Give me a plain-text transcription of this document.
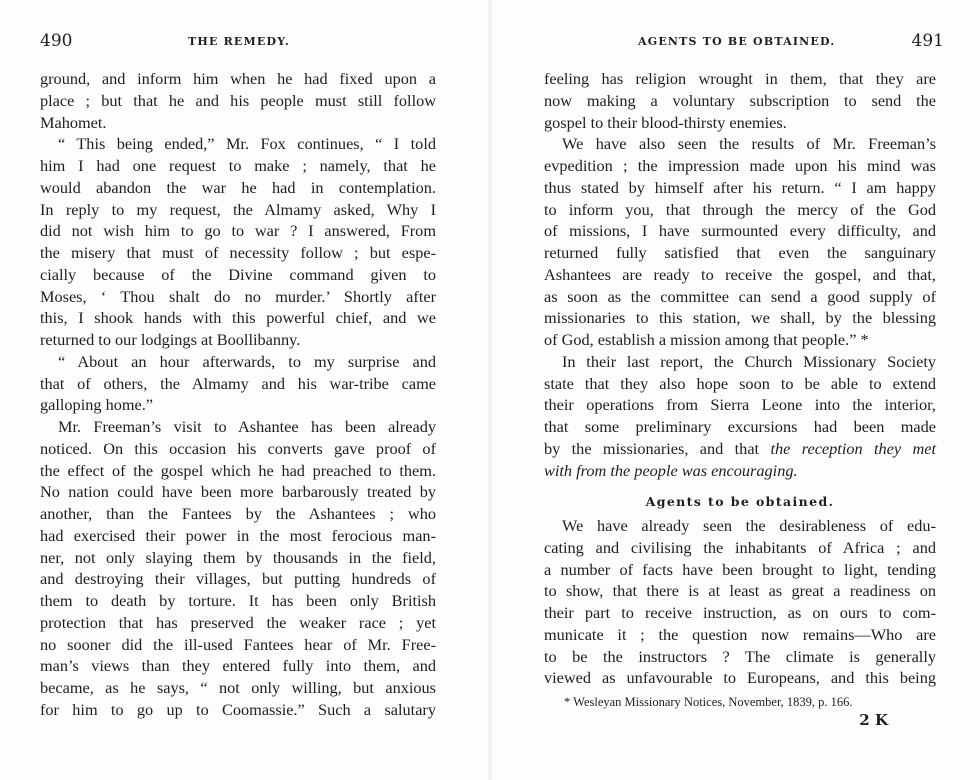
490	THE REMEDY.
ground, and inform him when he had fixed upon a
place ; but that he and his people must still follow
Mahomet.
“ This being ended,” Mr. Fox continues, “ I told
him I had one request to make ; namely, that he
would abandon the war he had in contemplation.
In reply to my request, the Almamy asked, Why I
did not wish him to go to war ? I answered, From
the misery that must of necessity follow ; but espe-
cially because of the Divine command given to
Moses, ‘ Thou shalt do no murder.’ Shortly after
this, I shook hands with this powerful chief, and we
returned to our lodgings at Boollibanny.
“ About an hour afterwards, to my surprise and
that of others, the Almamy and his war-tribe came
galloping home.”
Mr. Freeman’s visit to Ashantee has been already
noticed. On this occasion his converts gave proof of
the effect of the gospel which he had preached to them.
No nation could have been more barbarously treated by
another, than the Fantees by the Ashantees ; who
had exercised their power in the most ferocious man-
ner, not only slaying them by thousands in the field,
and destroying their villages, but putting hundreds of
them to death by torture. It has been only British
protection that has preserved the weaker race ; yet
no sooner did the ill-used Fantees hear of Mr. Free-
man’s views than they entered fully into them, and
became, as he says, “ not only willing, but anxious
for him to go up to Coomassie.” Such a salutary
AGENTS TO BE OBTAINED.	491
feeling has religion wrought in them, that they are
now making a voluntary subscription to send the
gospel to their blood-thirsty enemies.
We have also seen the results of Mr. Freeman’s
evpedition ; the impression made upon his mind was
thus stated by himself after his return. “ I am happy
to inform you, that through the mercy of the God
of missions, I have surmounted every difficulty, and
returned fully satisfied that even the sanguinary
Ashantees are ready to receive the gospel, and that,
as soon as the committee can send a good supply of
missionaries to this station, we shall, by the blessing
of God, establish a mission among that people.” *
In their last report, the Church Missionary Society
state that they also hope soon to be able to extend
their operations from Sierra Leone into the interior,
that some preliminary excursions had been made
by the missionaries, and that the reception they met
with from the people was encouraging.
Agents to be obtained.
We have already seen the desirableness of edu-
cating and civilising the inhabitants of Africa ; and
a number of facts have been brought to light, tending
to show, that there is at least as great a readiness on
their part to receive instruction, as on ours to com-
municate it ; the question now remains—Who are
to be the instructors ? The climate is generally
viewed as unfavourable to Europeans, and this being
* Wesleyan Missionary Notices, November, 1839, p. 166.
2 K
